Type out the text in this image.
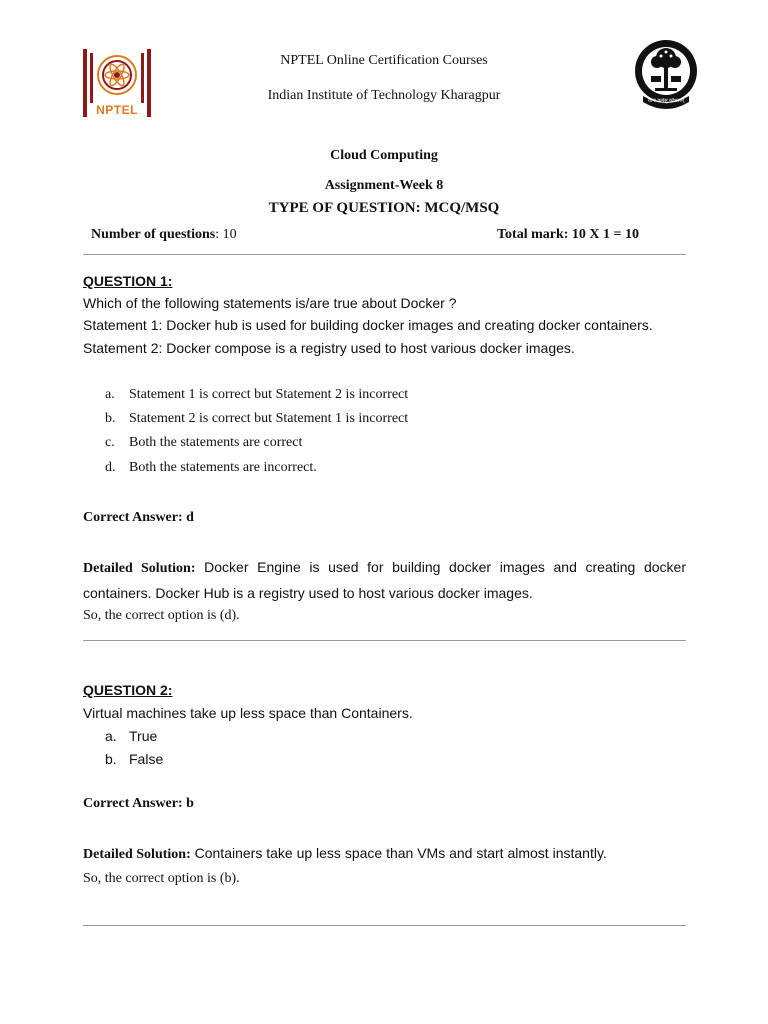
NPTEL
योगः कर्मसु कौशलम्
NPTEL Online Certification Courses
Indian Institute of Technology Kharagpur
Cloud Computing
Assignment-Week 8
TYPE OF QUESTION: MCQ/MSQ
Number of questions: 10	Total mark: 10 X 1 = 10
QUESTION 1:
Which of the following statements is/are true about Docker ?
Statement 1: Docker hub is used for building docker images and creating docker containers.
Statement 2: Docker compose is a registry used to host various docker images.
a. Statement 1 is correct but Statement 2 is incorrect
b. Statement 2 is correct but Statement 1 is incorrect
c. Both the statements are correct
d. Both the statements are incorrect.
Correct Answer: d
Detailed Solution: Docker Engine is used for building docker images and creating docker containers. Docker Hub is a registry used to host various docker images.
So, the correct option is (d).
QUESTION 2:
Virtual machines take up less space than Containers.
a. True
b. False
Correct Answer: b
Detailed Solution: Containers take up less space than VMs and start almost instantly.
So, the correct option is (b).
